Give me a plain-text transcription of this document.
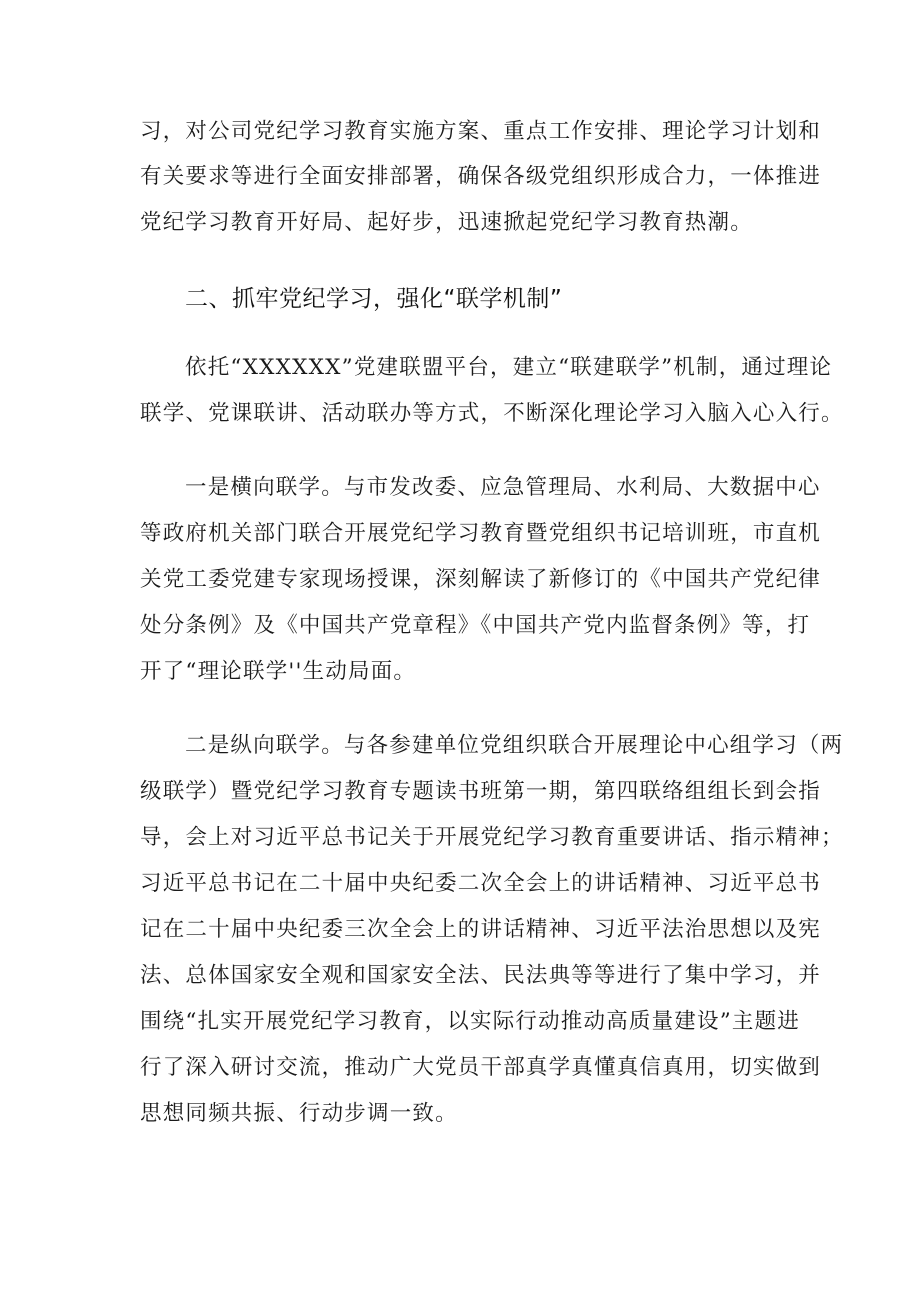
习，对公司党纪学习教育实施方案、重点工作安排、理论学习计划和
有关要求等进行全面安排部署，确保各级党组织形成合力，一体推进
党纪学习教育开好局、起好步，迅速掀起党纪学习教育热潮。
二、抓牢党纪学习，强化“联学机制”
依托“XXXXXX”党建联盟平台，建立“联建联学”机制，通过理论
联学、党课联讲、活动联办等方式，不断深化理论学习入脑入心入行。
一是横向联学。与市发改委、应急管理局、水利局、大数据中心
等政府机关部门联合开展党纪学习教育暨党组织书记培训班，市直机
关党工委党建专家现场授课，深刻解读了新修订的《中国共产党纪律
处分条例》及《中国共产党章程》《中国共产党内监督条例》等，打
开了“理论联学''生动局面。
二是纵向联学。与各参建单位党组织联合开展理论中心组学习（两
级联学）暨党纪学习教育专题读书班第一期，第四联络组组长到会指
导，会上对习近平总书记关于开展党纪学习教育重要讲话、指示精神；
习近平总书记在二十届中央纪委二次全会上的讲话精神、习近平总书
记在二十届中央纪委三次全会上的讲话精神、习近平法治思想以及宪
法、总体国家安全观和国家安全法、民法典等等进行了集中学习，并
围绕“扎实开展党纪学习教育，以实际行动推动高质量建设”主题进
行了深入研讨交流，推动广大党员干部真学真懂真信真用，切实做到
思想同频共振、行动步调一致。
